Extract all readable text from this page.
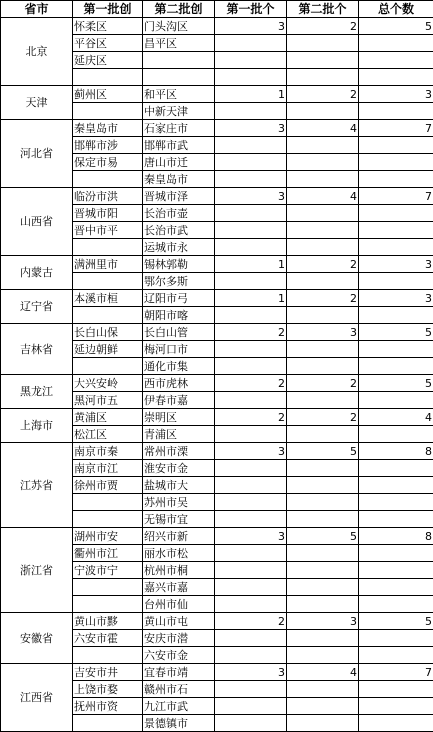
省市	第一批创	第二批创	第一批个	第二批个	总个数
北京	怀柔区	门头沟区	3	2	5
	平谷区	昌平区			
	延庆区				

天津	蓟州区	和平区	1	2	3
		中新天津			
河北省	秦皇岛市	石家庄市	3	4	7
	邯郸市涉	邯郸市武			
	保定市易	唐山市迁			
		秦皇岛市			
山西省	临汾市洪	晋城市泽	3	4	7
	晋城市阳	长治市壶			
	晋中市平	长治市武			
		运城市永			
内蒙古	满洲里市	锡林郭勒	1	2	3
		鄂尔多斯			
辽宁省	本溪市桓	辽阳市弓	1	2	3
		朝阳市喀			
吉林省	长白山保	长白山管	2	3	5
	延边朝鲜	梅河口市			
		通化市集			
黑龙江	大兴安岭	西市虎林	2	2	5
	黑河市五	伊春市嘉			
上海市	黄浦区	崇明区	2	2	4
	松江区	青浦区			
江苏省	南京市秦	常州市溧	3	5	8
	南京市江	淮安市金			
	徐州市贾	盐城市大			
		苏州市吴			
		无锡市宜			
浙江省	湖州市安	绍兴市新	3	5	8
	衢州市江	丽水市松			
	宁波市宁	杭州市桐			
		嘉兴市嘉			
		台州市仙			
安徽省	黄山市黟	黄山市屯	2	3	5
	六安市霍	安庆市潜			
		六安市金			
江西省	吉安市井	宜春市靖	3	4	7
	上饶市婺	赣州市石			
	抚州市资	九江市武			
		景德镇市			
